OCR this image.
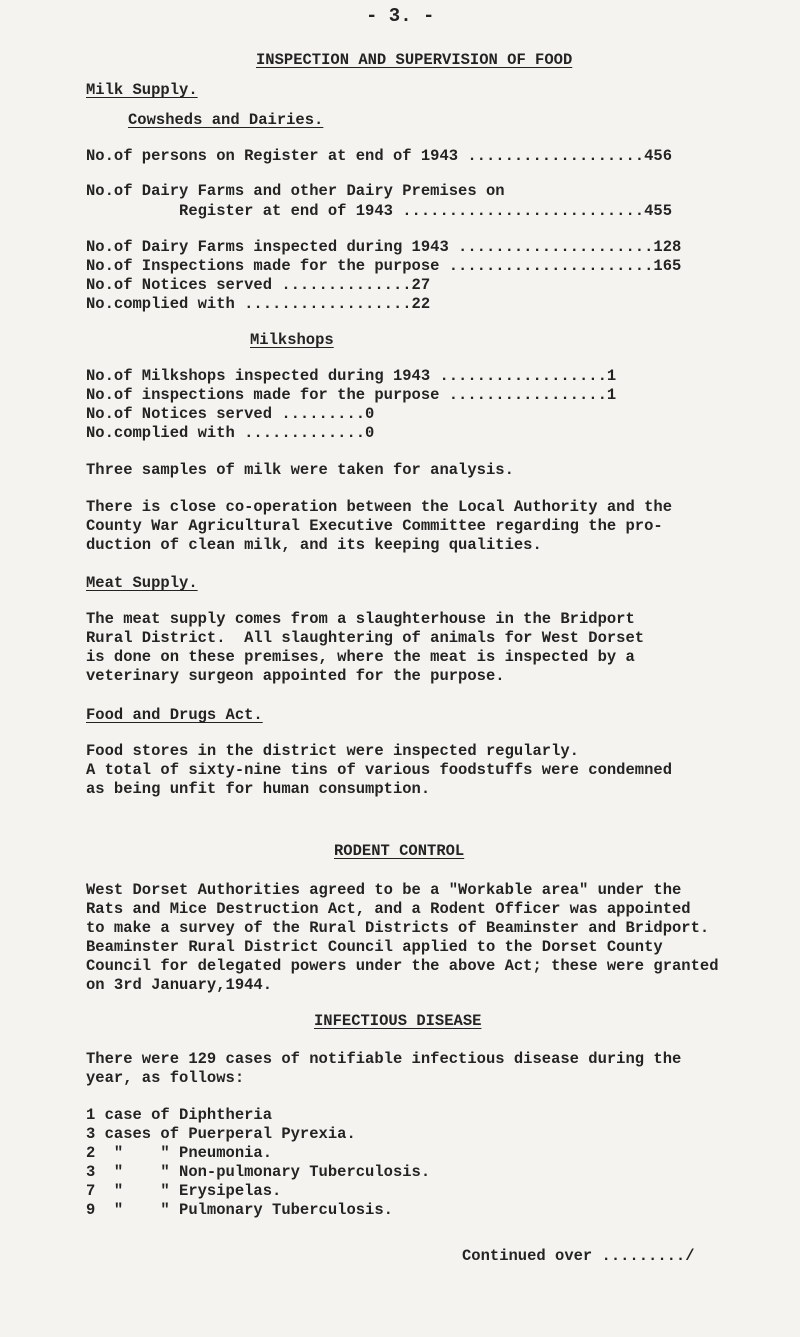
- 3. -
INSPECTION AND SUPERVISION OF FOOD
Milk Supply.
Cowsheds and Dairies.
No.of persons on Register at end of 1943 ...................456
No.of Dairy Farms and other Dairy Premises on
Register at end of 1943 ..........................455
No.of Dairy Farms inspected during 1943 .....................128
No.of Inspections made for the purpose ......................165
No.of Notices served ..............27
No.complied with ..................22
Milkshops
No.of Milkshops inspected during 1943 ..................1
No.of inspections made for the purpose .................1
No.of Notices served .........0
No.complied with .............0
Three samples of milk were taken for analysis.
There is close co-operation between the Local Authority and the
County War Agricultural Executive Committee regarding the pro-
duction of clean milk, and its keeping qualities.
Meat Supply.
The meat supply comes from a slaughterhouse in the Bridport
Rural District.  All slaughtering of animals for West Dorset
is done on these premises, where the meat is inspected by a
veterinary surgeon appointed for the purpose.
Food and Drugs Act.
Food stores in the district were inspected regularly.
A total of sixty-nine tins of various foodstuffs were condemned
as being unfit for human consumption.
RODENT CONTROL
West Dorset Authorities agreed to be a "Workable area" under the
Rats and Mice Destruction Act, and a Rodent Officer was appointed
to make a survey of the Rural Districts of Beaminster and Bridport.
Beaminster Rural District Council applied to the Dorset County
Council for delegated powers under the above Act; these were granted
on 3rd January,1944.
INFECTIOUS DISEASE
There were 129 cases of notifiable infectious disease during the
year, as follows:
1 case of Diphtheria
3 cases of Puerperal Pyrexia.
2  "    " Pneumonia.
3  "    " Non-pulmonary Tuberculosis.
7  "    " Erysipelas.
9  "    " Pulmonary Tuberculosis.
Continued over ........./
